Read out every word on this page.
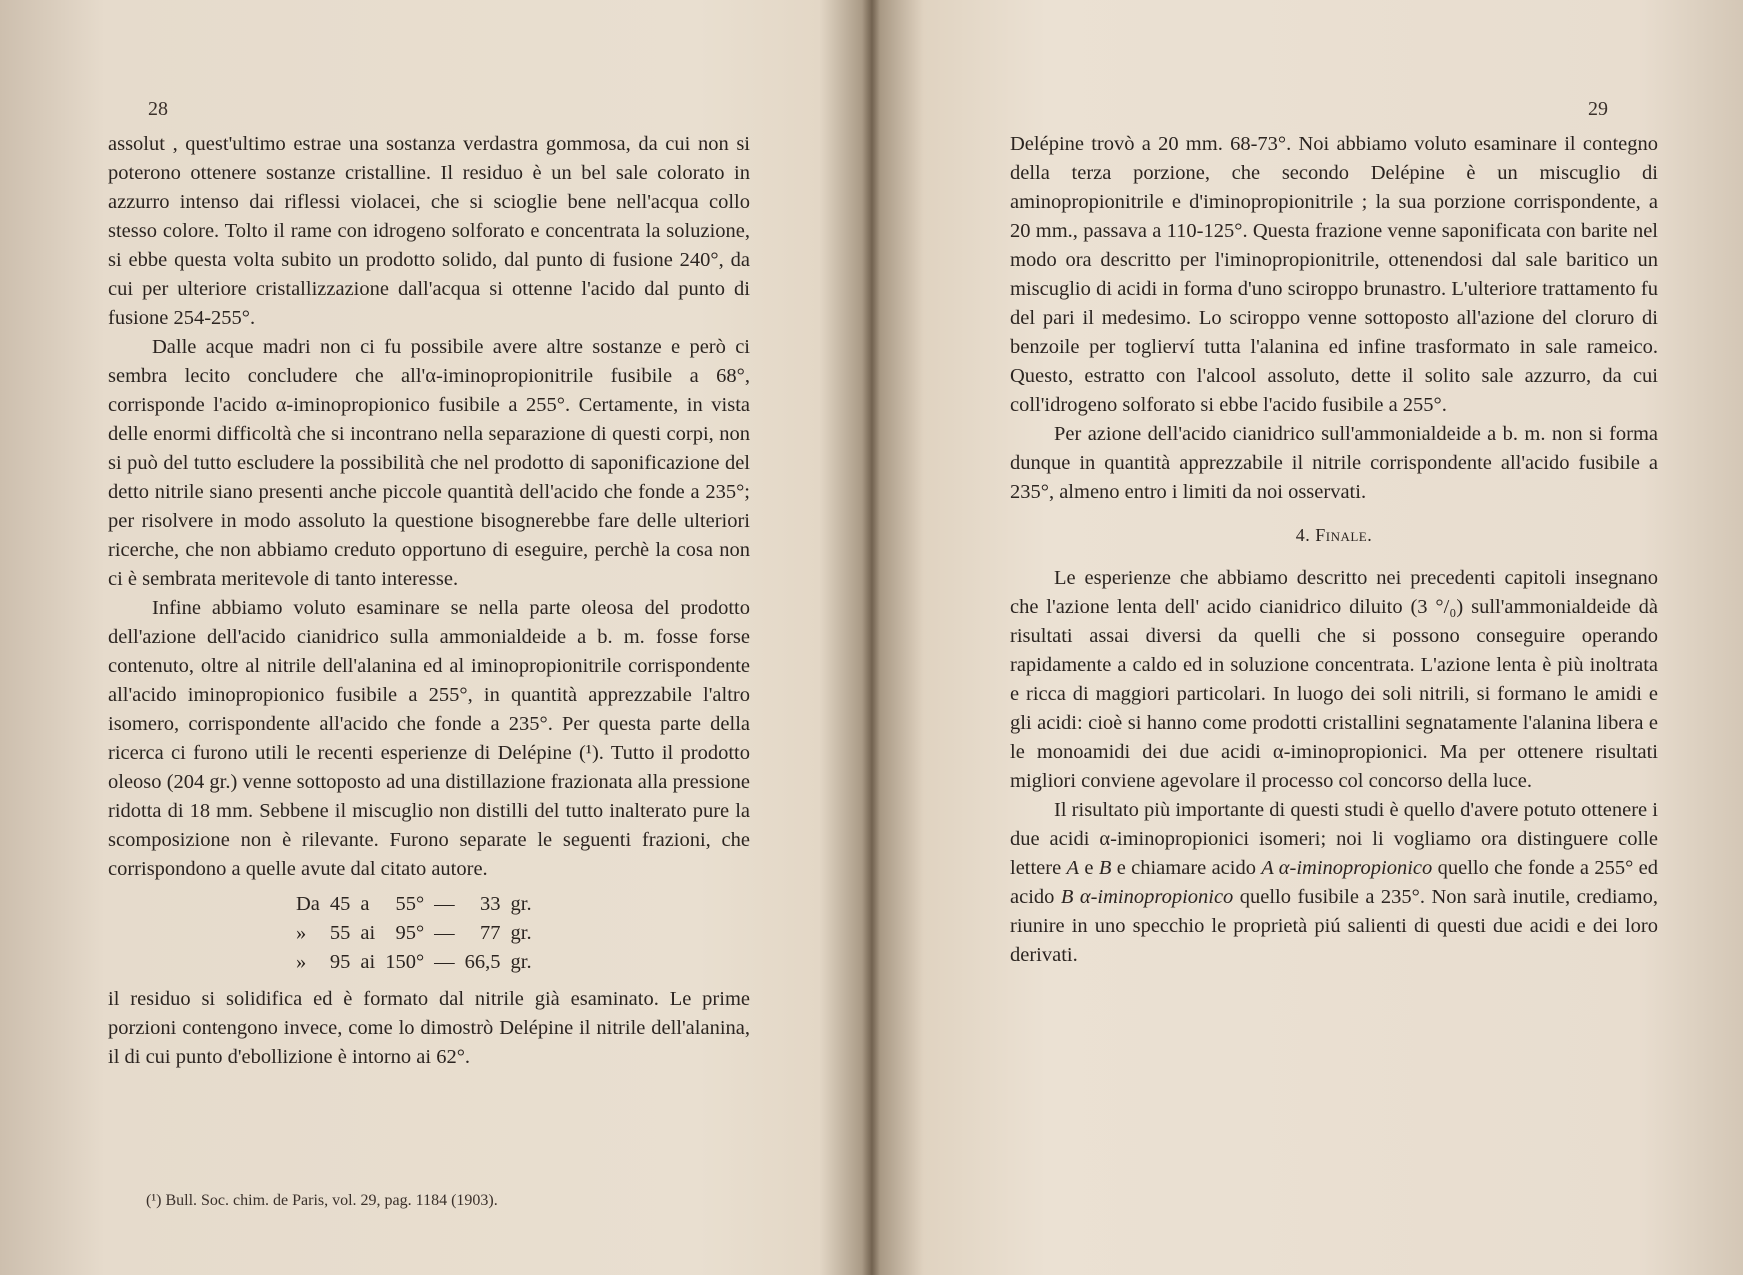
28

assolut , quest'ultimo estrae una sostanza verdastra gommosa, da cui non si poterono ottenere sostanze cristalline. Il residuo è un bel sale colorato in azzurro intenso dai riflessi violacei, che si scioglie bene nell'acqua collo stesso colore. Tolto il rame con idrogeno solforato e concentrata la soluzione, si ebbe questa volta subito un prodotto solido, dal punto di fusione 240°, da cui per ulteriore cristallizzazione dall'acqua si ottenne l'acido dal punto di fusione 254-255°.

Dalle acque madri non ci fu possibile avere altre sostanze e però ci sembra lecito concludere che all'α-iminopropionitrile fusibile a 68°, corrisponde l'acido α-iminopropionico fusibile a 255°. Certamente, in vista delle enormi difficoltà che si incontrano nella separazione di questi corpi, non si può del tutto escludere la possibilità che nel prodotto di saponificazione del detto nitrile siano presenti anche piccole quantità dell'acido che fonde a 235°; per risolvere in modo assoluto la questione bisognerebbe fare delle ulteriori ricerche, che non abbiamo creduto opportuno di eseguire, perchè la cosa non ci è sembrata meritevole di tanto interesse.

Infine abbiamo voluto esaminare se nella parte oleosa del prodotto dell'azione dell'acido cianidrico sulla ammonialdeide a b. m. fosse forse contenuto, oltre al nitrile dell'alanina ed al iminopropionitrile corrispondente all'acido iminopropionico fusibile a 255°, in quantità apprezzabile l'altro isomero, corrispondente all'acido che fonde a 235°. Per questa parte della ricerca ci furono utili le recenti esperienze di Delépine (¹). Tutto il prodotto oleoso (204 gr.) venne sottoposto ad una distillazione frazionata alla pressione ridotta di 18 mm. Sebbene il miscuglio non distilli del tutto inalterato pure la scomposizione non è rilevante. Furono separate le seguenti frazioni, che corrispondono a quelle avute dal citato autore.

Da	45	a	55°	—	33	gr.
»	55	ai	95°	—	77	gr.
»	95	ai	150°	—	66,5	gr.

il residuo si solidifica ed è formato dal nitrile già esaminato. Le prime porzioni contengono invece, come lo dimostrò Delépine il nitrile dell'alanina, il di cui punto d'ebollizione è intorno ai 62°.

(¹) Bull. Soc. chim. de Paris, vol. 29, pag. 1184 (1903).
29

Delépine trovò a 20 mm. 68-73°. Noi abbiamo voluto esaminare il contegno della terza porzione, che secondo Delépine è un miscuglio di aminopropionitrile e d'iminopropionitrile ; la sua porzione corrispondente, a 20 mm., passava a 110-125°. Questa frazione venne saponificata con barite nel modo ora descritto per l'iminopropionitrile, ottenendosi dal sale baritico un miscuglio di acidi in forma d'uno sciroppo brunastro. L'ulteriore trattamento fu del pari il medesimo. Lo sciroppo venne sottoposto all'azione del cloruro di benzoile per toglierví tutta l'alanina ed infine trasformato in sale rameico. Questo, estratto con l'alcool assoluto, dette il solito sale azzurro, da cui coll'idrogeno solforato si ebbe l'acido fusibile a 255°.

Per azione dell'acido cianidrico sull'ammonialdeide a b. m. non si forma dunque in quantità apprezzabile il nitrile corrispondente all'acido fusibile a 235°, almeno entro i limiti da noi osservati.

4. Finale.

Le esperienze che abbiamo descritto nei precedenti capitoli insegnano che l'azione lenta dell' acido cianidrico diluito (3 °/₀) sull'ammonialdeide dà risultati assai diversi da quelli che si possono conseguire operando rapidamente a caldo ed in soluzione concentrata. L'azione lenta è più inoltrata e ricca di maggiori particolari. In luogo dei soli nitrili, si formano le amidi e gli acidi: cioè si hanno come prodotti cristallini segnatamente l'alanina libera e le monoamidi dei due acidi α-iminopropionici. Ma per ottenere risultati migliori conviene agevolare il processo col concorso della luce.

Il risultato più importante di questi studi è quello d'avere potuto ottenere i due acidi α-iminopropionici isomeri; noi li vogliamo ora distinguere colle lettere A e B e chiamare acido A α-iminopropionico quello che fonde a 255° ed acido B α-iminopropionico quello fusibile a 235°. Non sarà inutile, crediamo, riunire in uno specchio le proprietà piú salienti di questi due acidi e dei loro derivati.
